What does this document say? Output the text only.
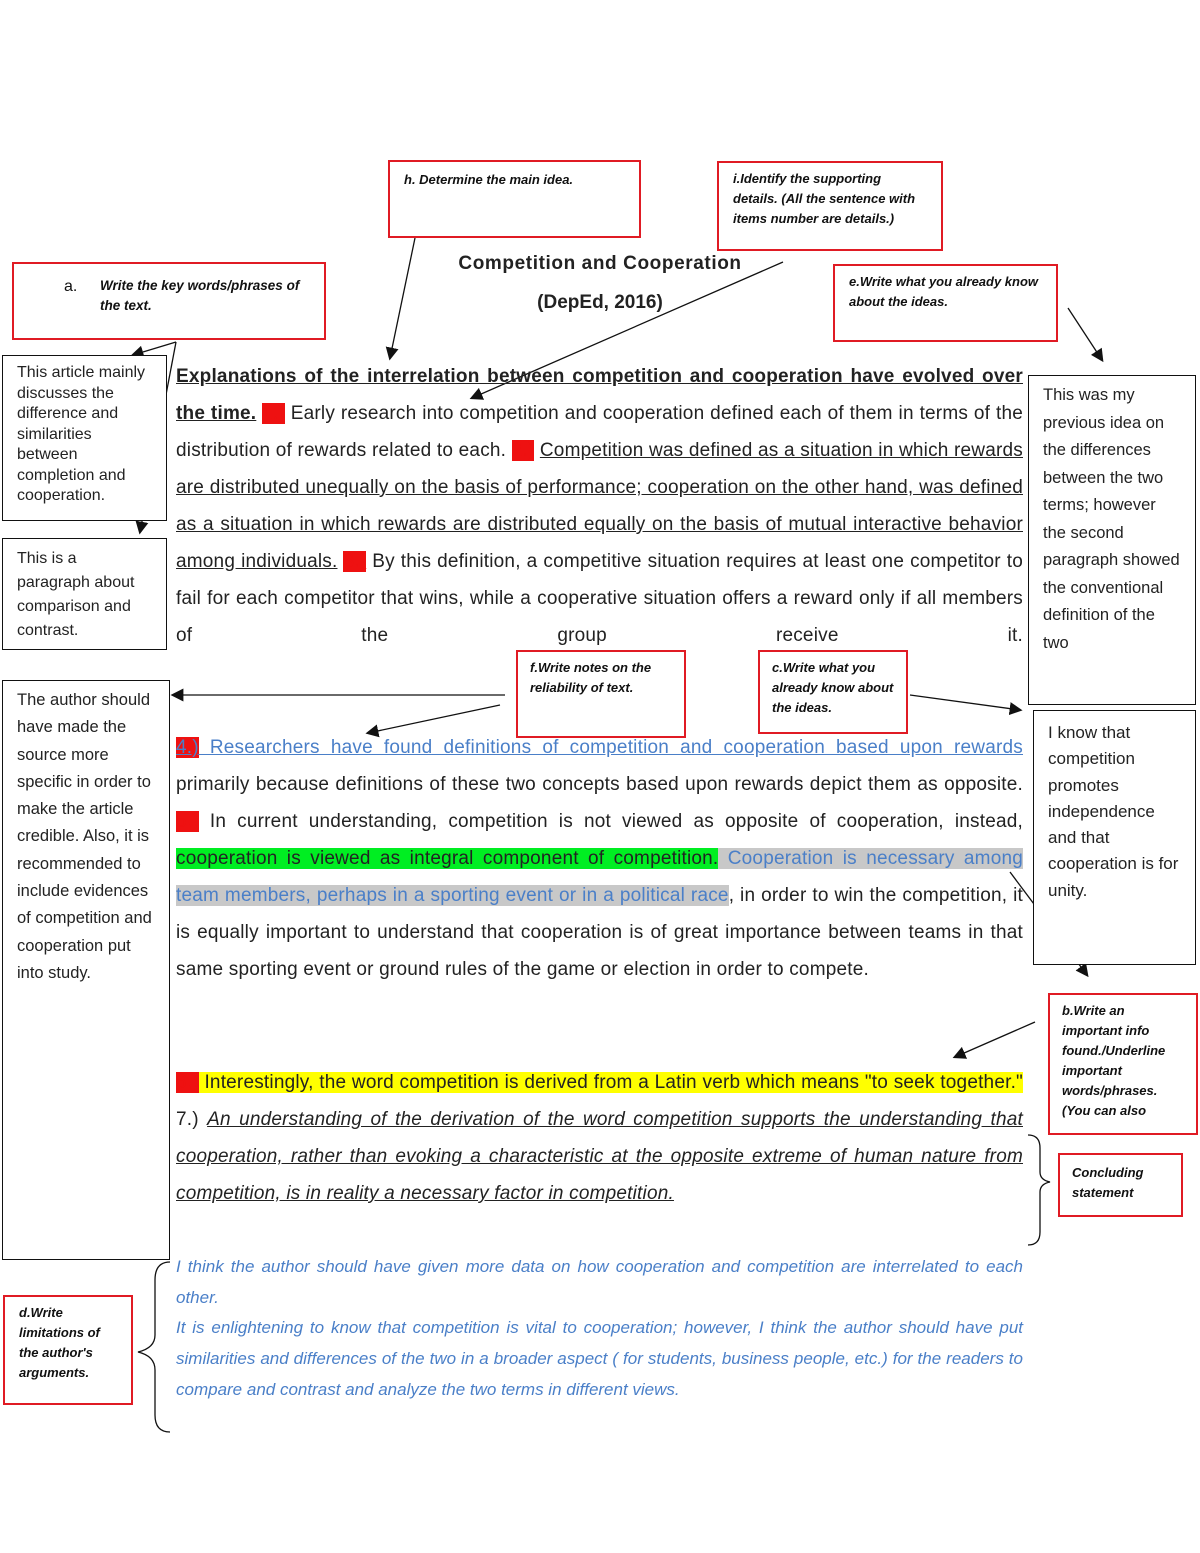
Competition and Cooperation
(DepEd, 2016)
a.	Write the key words/phrases of the text.
h. Determine the main idea.	i.Identify the supporting details. (All the sentence with items number are details.)
e.Write what you already know about the ideas.
f.Write notes on the reliability of text.
c.Write what you already know about the ideas.
b.Write an important info found./Underline important words/phrases. (You can also
Concluding statement
d.Write limitations of the author's arguments.
This article mainly discusses the difference and similarities between completion and cooperation.
This is a paragraph about comparison and contrast.
The author should have made the source more specific in order to make the article credible. Also, it is recommended to include evidences of competition and cooperation put into study.
This was my previous idea on the differences between the two terms; however the second paragraph showed the conventional definition of the two
I know that competition promotes independence and that cooperation is for unity.
Explanations of the interrelation between competition and cooperation have evolved over the time. 1.) Early research into competition and cooperation defined each of them in terms of the distribution of rewards related to each. 2.) Competition was defined as a situation in which rewards are distributed unequally on the basis of performance; cooperation on the other hand, was defined as a situation in which rewards are distributed equally on the basis of mutual interactive behavior among individuals. 3.) By this definition, a competitive situation requires at least one competitor to fail for each competitor that wins, while a cooperative situation offers a reward only if all members of the group receive it.
4.) Researchers have found definitions of competition and cooperation based upon rewards primarily because definitions of these two concepts based upon rewards depict them as opposite. 5.) In current understanding, competition is not viewed as opposite of cooperation, instead, cooperation is viewed as integral component of competition. Cooperation is necessary among team members, perhaps in a sporting event or in a political race, in order to win the competition, it is equally important to understand that cooperation is of great importance between teams in that same sporting event or ground rules of the game or election in order to compete.
6.) Interestingly, the word competition is derived from a Latin verb which means "to seek together." 7.) An understanding of the derivation of the word competition supports the understanding that cooperation, rather than evoking a characteristic at the opposite extreme of human nature from competition, is in reality a necessary factor in competition.
I think the author should have given more data on how cooperation and competition are interrelated to each other.
It is enlightening to know that competition is vital to cooperation; however, I think the author should have put similarities and differences of the two in a broader aspect ( for students, business people, etc.) for the readers to compare and contrast and analyze the two terms in different views.
